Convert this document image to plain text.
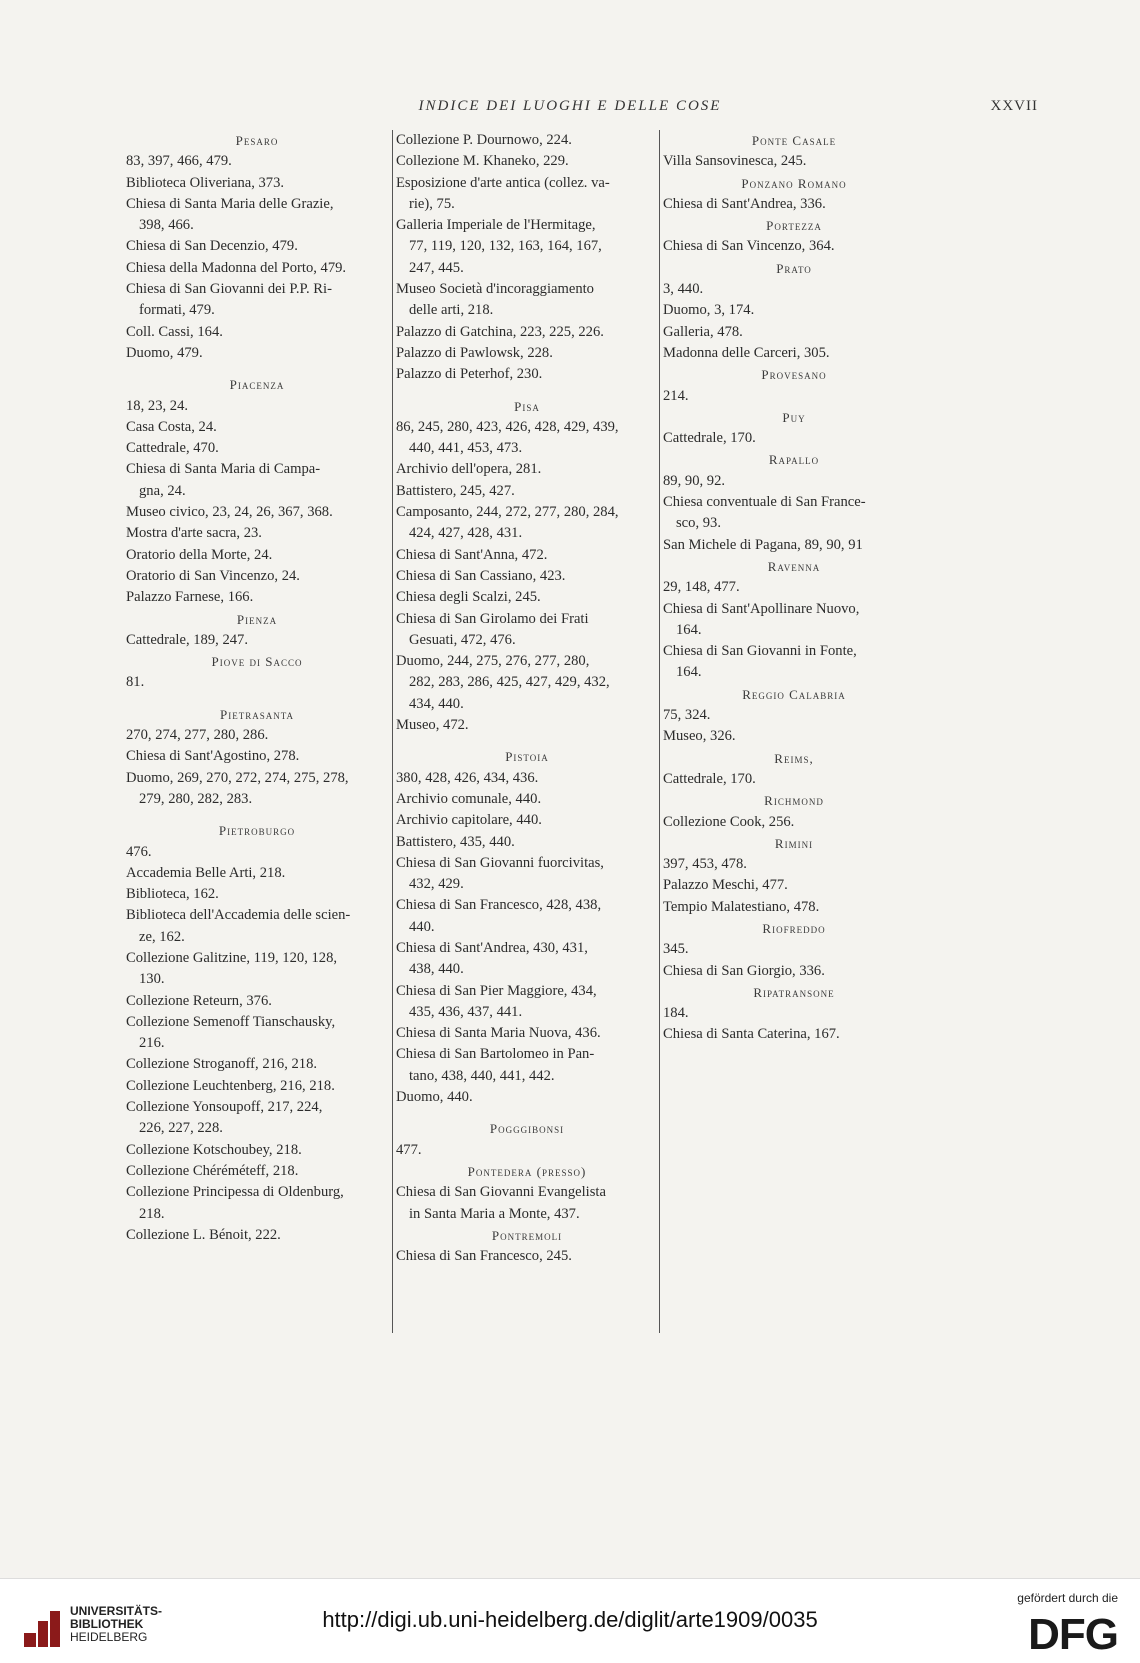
INDICE DEI LUOGHI E DELLE COSE	XXVII
Pesaro
83, 397, 466, 479.
Biblioteca Oliveriana, 373.
Chiesa di Santa Maria delle Grazie,
398, 466.
Chiesa di San Decenzio, 479.
Chiesa della Madonna del Porto, 479.
Chiesa di San Giovanni dei P.P. Ri-
formati, 479.
Coll. Cassi, 164.
Duomo, 479.
Piacenza
18, 23, 24.
Casa Costa, 24.
Cattedrale, 470.
Chiesa di Santa Maria di Campa-
gna, 24.
Museo civico, 23, 24, 26, 367, 368.
Mostra d'arte sacra, 23.
Oratorio della Morte, 24.
Oratorio di San Vincenzo, 24.
Palazzo Farnese, 166.
Pienza
Cattedrale, 189, 247.
Piove di Sacco
81.
Pietrasanta
270, 274, 277, 280, 286.
Chiesa di Sant'Agostino, 278.
Duomo, 269, 270, 272, 274, 275, 278,
279, 280, 282, 283.
Pietroburgo
476.
Accademia Belle Arti, 218.
Biblioteca, 162.
Biblioteca dell'Accademia delle scien-
ze, 162.
Collezione Galitzine, 119, 120, 128,
130.
Collezione Reteurn, 376.
Collezione Semenoff Tianschausky,
216.
Collezione Stroganoff, 216, 218.
Collezione Leuchtenberg, 216, 218.
Collezione Yonsoupoff, 217, 224,
226, 227, 228.
Collezione Kotschoubey, 218.
Collezione Chéréméteff, 218.
Collezione Principessa di Oldenburg,
218.
Collezione L. Bénoit, 222.
Collezione P. Dournowo, 224.
Collezione M. Khaneko, 229.
Esposizione d'arte antica (collez. va-
rie), 75.
Galleria Imperiale de l'Hermitage,
77, 119, 120, 132, 163, 164, 167,
247, 445.
Museo Società d'incoraggiamento
delle arti, 218.
Palazzo di Gatchina, 223, 225, 226.
Palazzo di Pawlowsk, 228.
Palazzo di Peterhof, 230.
Pisa
86, 245, 280, 423, 426, 428, 429, 439,
440, 441, 453, 473.
Archivio dell'opera, 281.
Battistero, 245, 427.
Camposanto, 244, 272, 277, 280, 284,
424, 427, 428, 431.
Chiesa di Sant'Anna, 472.
Chiesa di San Cassiano, 423.
Chiesa degli Scalzi, 245.
Chiesa di San Girolamo dei Frati
Gesuati, 472, 476.
Duomo, 244, 275, 276, 277, 280,
282, 283, 286, 425, 427, 429, 432,
434, 440.
Museo, 472.
Pistoia
380, 428, 426, 434, 436.
Archivio comunale, 440.
Archivio capitolare, 440.
Battistero, 435, 440.
Chiesa di San Giovanni fuorcivitas,
432, 429.
Chiesa di San Francesco, 428, 438,
440.
Chiesa di Sant'Andrea, 430, 431,
438, 440.
Chiesa di San Pier Maggiore, 434,
435, 436, 437, 441.
Chiesa di Santa Maria Nuova, 436.
Chiesa di San Bartolomeo in Pan-
tano, 438, 440, 441, 442.
Duomo, 440.
Pogggibonsi
477.
Pontedera (presso)
Chiesa di San Giovanni Evangelista
in Santa Maria a Monte, 437.
Pontremoli
Chiesa di San Francesco, 245.
Ponte Casale
Villa Sansovinesca, 245.
Ponzano Romano
Chiesa di Sant'Andrea, 336.
Portezza
Chiesa di San Vincenzo, 364.
Prato
3, 440.
Duomo, 3, 174.
Galleria, 478.
Madonna delle Carceri, 305.
Provesano
214.
Puy
Cattedrale, 170.
Rapallo
89, 90, 92.
Chiesa conventuale di San France-
sco, 93.
San Michele di Pagana, 89, 90, 91
Ravenna
29, 148, 477.
Chiesa di Sant'Apollinare Nuovo,
164.
Chiesa di San Giovanni in Fonte,
164.
Reggio Calabria
75, 324.
Museo, 326.
Reims,
Cattedrale, 170.
Richmond
Collezione Cook, 256.
Rimini
397, 453, 478.
Palazzo Meschi, 477.
Tempio Malatestiano, 478.
Riofreddo
345.
Chiesa di San Giorgio, 336.
Ripatransone
184.
Chiesa di Santa Caterina, 167.
UNIVERSITÄTS-
BIBLIOTHEK
HEIDELBERG
http://digi.ub.uni-heidelberg.de/diglit/arte1909/0035
gefördert durch die
DFG
